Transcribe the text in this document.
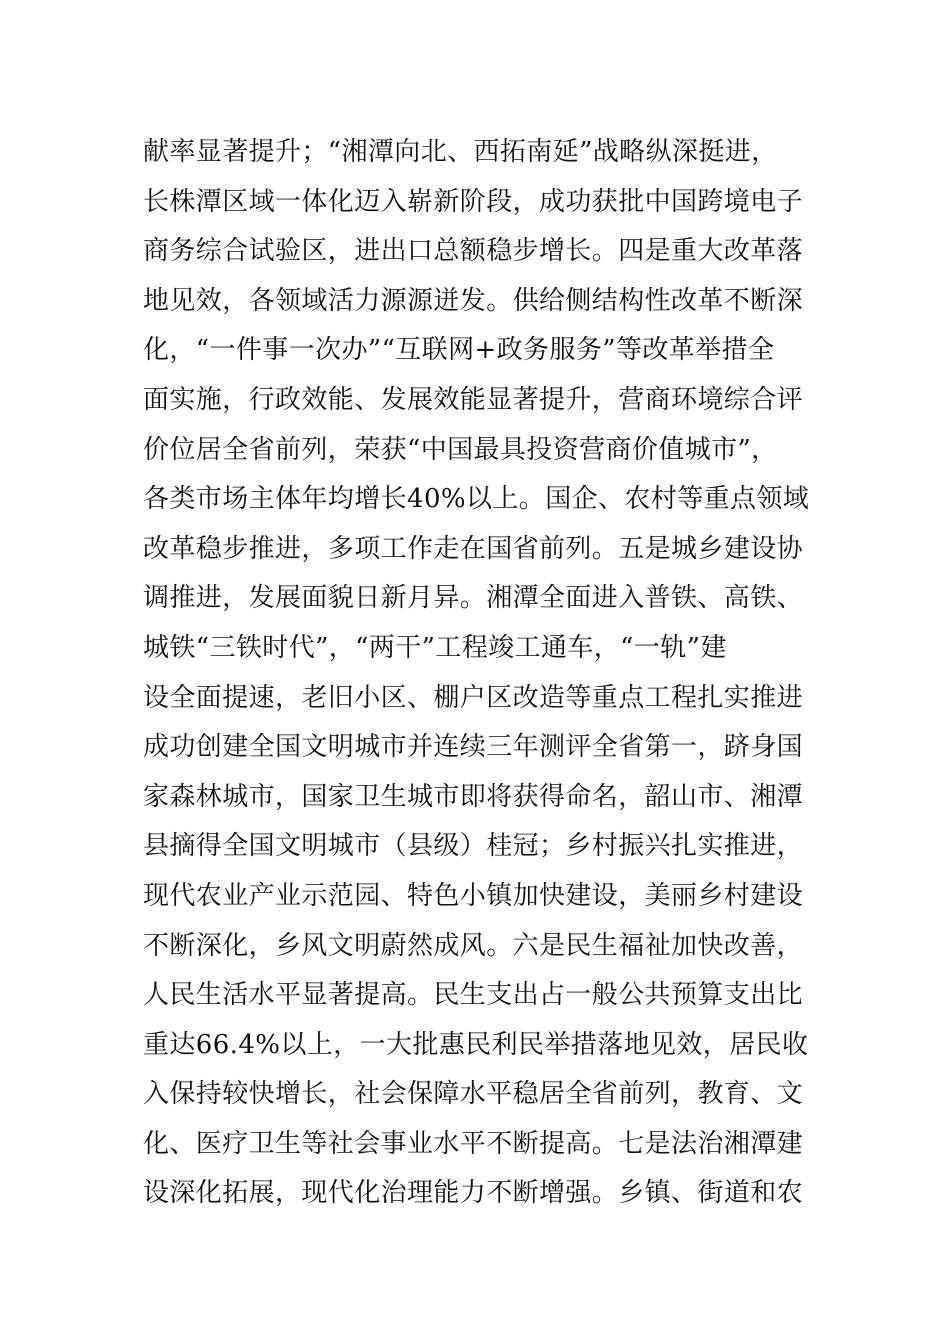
献率显著提升；“湘潭向北、西拓南延”战略纵深挺进，
长株潭区域一体化迈入崭新阶段，成功获批中国跨境电子
商务综合试验区，进出口总额稳步增长。四是重大改革落
地见效，各领域活力源源迸发。供给侧结构性改革不断深
化，“一件事一次办”“互联网+政务服务”等改革举措全
面实施，行政效能、发展效能显著提升，营商环境综合评
价位居全省前列，荣获“中国最具投资营商价值城市”，
各类市场主体年均增长40%以上。国企、农村等重点领域
改革稳步推进，多项工作走在国省前列。五是城乡建设协
调推进，发展面貌日新月异。湘潭全面进入普铁、高铁、
城铁“三铁时代”，“两干”工程竣工通车，“一轨”建
设全面提速，老旧小区、棚户区改造等重点工程扎实推进
成功创建全国文明城市并连续三年测评全省第一，跻身国
家森林城市，国家卫生城市即将获得命名，韶山市、湘潭
县摘得全国文明城市（县级）桂冠；乡村振兴扎实推进，
现代农业产业示范园、特色小镇加快建设，美丽乡村建设
不断深化，乡风文明蔚然成风。六是民生福祉加快改善，
人民生活水平显著提高。民生支出占一般公共预算支出比
重达66.4%以上，一大批惠民利民举措落地见效，居民收
入保持较快增长，社会保障水平稳居全省前列，教育、文
化、医疗卫生等社会事业水平不断提高。七是法治湘潭建
设深化拓展，现代化治理能力不断增强。乡镇、街道和农
